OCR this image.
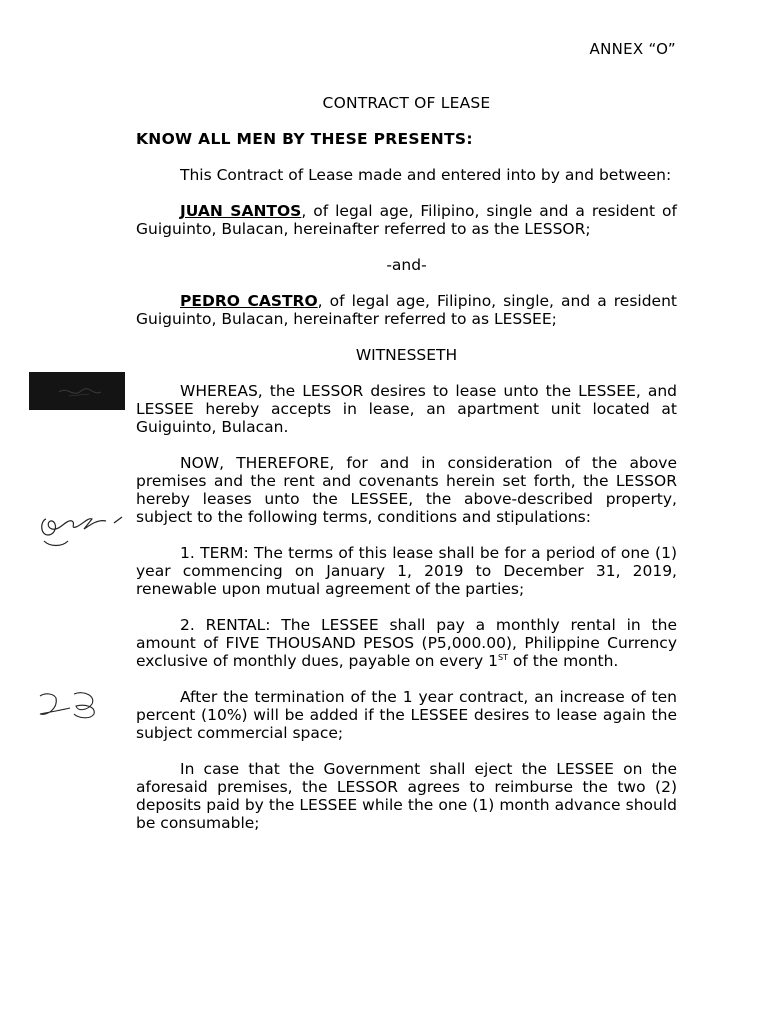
ANNEX “O”
CONTRACT OF LEASE
KNOW ALL MEN BY THESE PRESENTS:

This Contract of Lease made and entered into by and between:

JUAN SANTOS, of legal age, Filipino, single and a resident of Guiguinto, Bulacan, hereinafter referred to as the LESSOR;

-and-

PEDRO CASTRO, of legal age, Filipino, single, and a resident Guiguinto, Bulacan, hereinafter referred to as LESSEE;

WITNESSETH

WHEREAS, the LESSOR desires to lease unto the LESSEE, and LESSEE hereby accepts in lease, an apartment unit located at Guiguinto, Bulacan.

NOW, THEREFORE, for and in consideration of the above premises and the rent and covenants herein set forth, the LESSOR hereby leases unto the LESSEE, the above-described property, subject to the following terms, conditions and stipulations:

1. TERM: The terms of this lease shall be for a period of one (1) year commencing on January 1, 2019 to December 31, 2019, renewable upon mutual agreement of the parties;

2. RENTAL: The LESSEE shall pay a monthly rental in the amount of FIVE THOUSAND PESOS (P5,000.00), Philippine Currency exclusive of monthly dues, payable on every 1ST of the month.

After the termination of the 1 year contract, an increase of ten percent (10%) will be added if the LESSEE desires to lease again the subject commercial space;

In case that the Government shall eject the LESSEE on the aforesaid premises, the LESSOR agrees to reimburse the two (2) deposits paid by the LESSEE while the one (1) month advance should be consumable;
